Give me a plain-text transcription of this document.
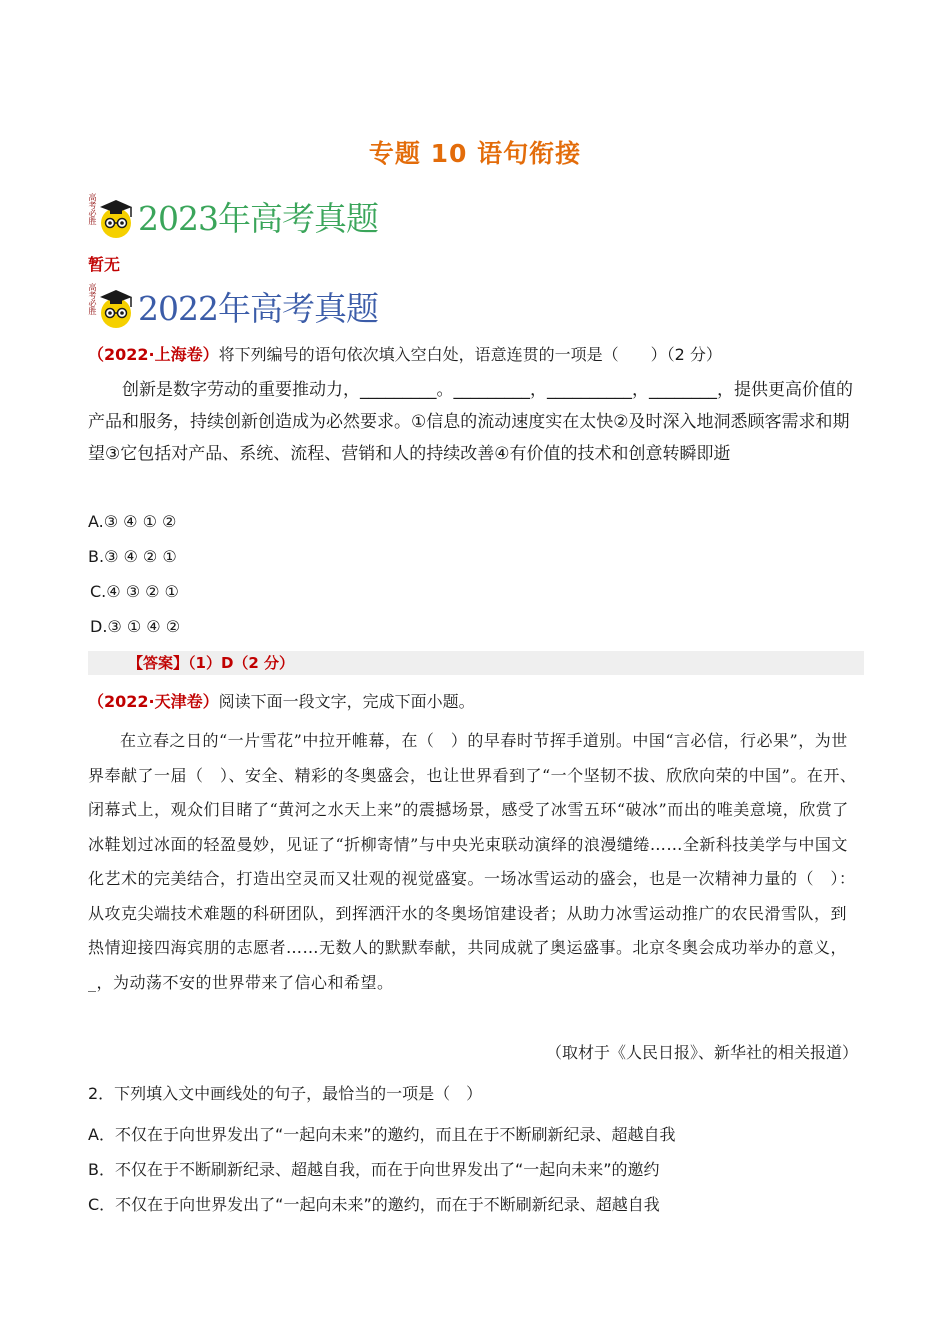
专题 10 语句衔接
高考必胜 2023年高考真题
暂无
高考必胜 2022年高考真题
（2022·上海卷）将下列编号的语句依次填入空白处，语意连贯的一项是（　　）（2 分）
创新是数字劳动的重要推动力，_________。_________，__________，________，提供更高价值的产品和服务，持续创新创造成为必然要求。①信息的流动速度实在太快②及时深入地洞悉顾客需求和期望③它包括对产品、系统、流程、营销和人的持续改善④有价值的技术和创意转瞬即逝
A.③ ④ ① ②
B.③ ④ ② ①
C.④ ③ ② ①
D.③ ① ④ ②
【答案】（1）D（2 分）
（2022·天津卷）阅读下面一段文字，完成下面小题。
在立春之日的“一片雪花”中拉开帷幕，在（　）的早春时节挥手道别。中国“言必信，行必果”，为世界奉献了一届（　）、安全、精彩的冬奥盛会，也让世界看到了“一个坚韧不拔、欣欣向荣的中国”。在开、闭幕式上，观众们目睹了“黄河之水天上来”的震撼场景，感受了冰雪五环“破冰”而出的唯美意境，欣赏了冰鞋划过冰面的轻盈曼妙，见证了“折柳寄情”与中央光束联动演绎的浪漫缱绻……全新科技美学与中国文化艺术的完美结合，打造出空灵而又壮观的视觉盛宴。一场冰雪运动的盛会，也是一次精神力量的（　）：从攻克尖端技术难题的科研团队，到挥洒汗水的冬奥场馆建设者；从助力冰雪运动推广的农民滑雪队，到热情迎接四海宾朋的志愿者……无数人的默默奉献，共同成就了奥运盛事。北京冬奥会成功举办的意义，_，为动荡不安的世界带来了信心和希望。
（取材于《人民日报》、新华社的相关报道）
2．下列填入文中画线处的句子，最恰当的一项是（　）
A．不仅在于向世界发出了“一起向未来”的邀约，而且在于不断刷新纪录、超越自我
B．不仅在于不断刷新纪录、超越自我，而在于向世界发出了“一起向未来”的邀约
C．不仅在于向世界发出了“一起向未来”的邀约，而在于不断刷新纪录、超越自我
